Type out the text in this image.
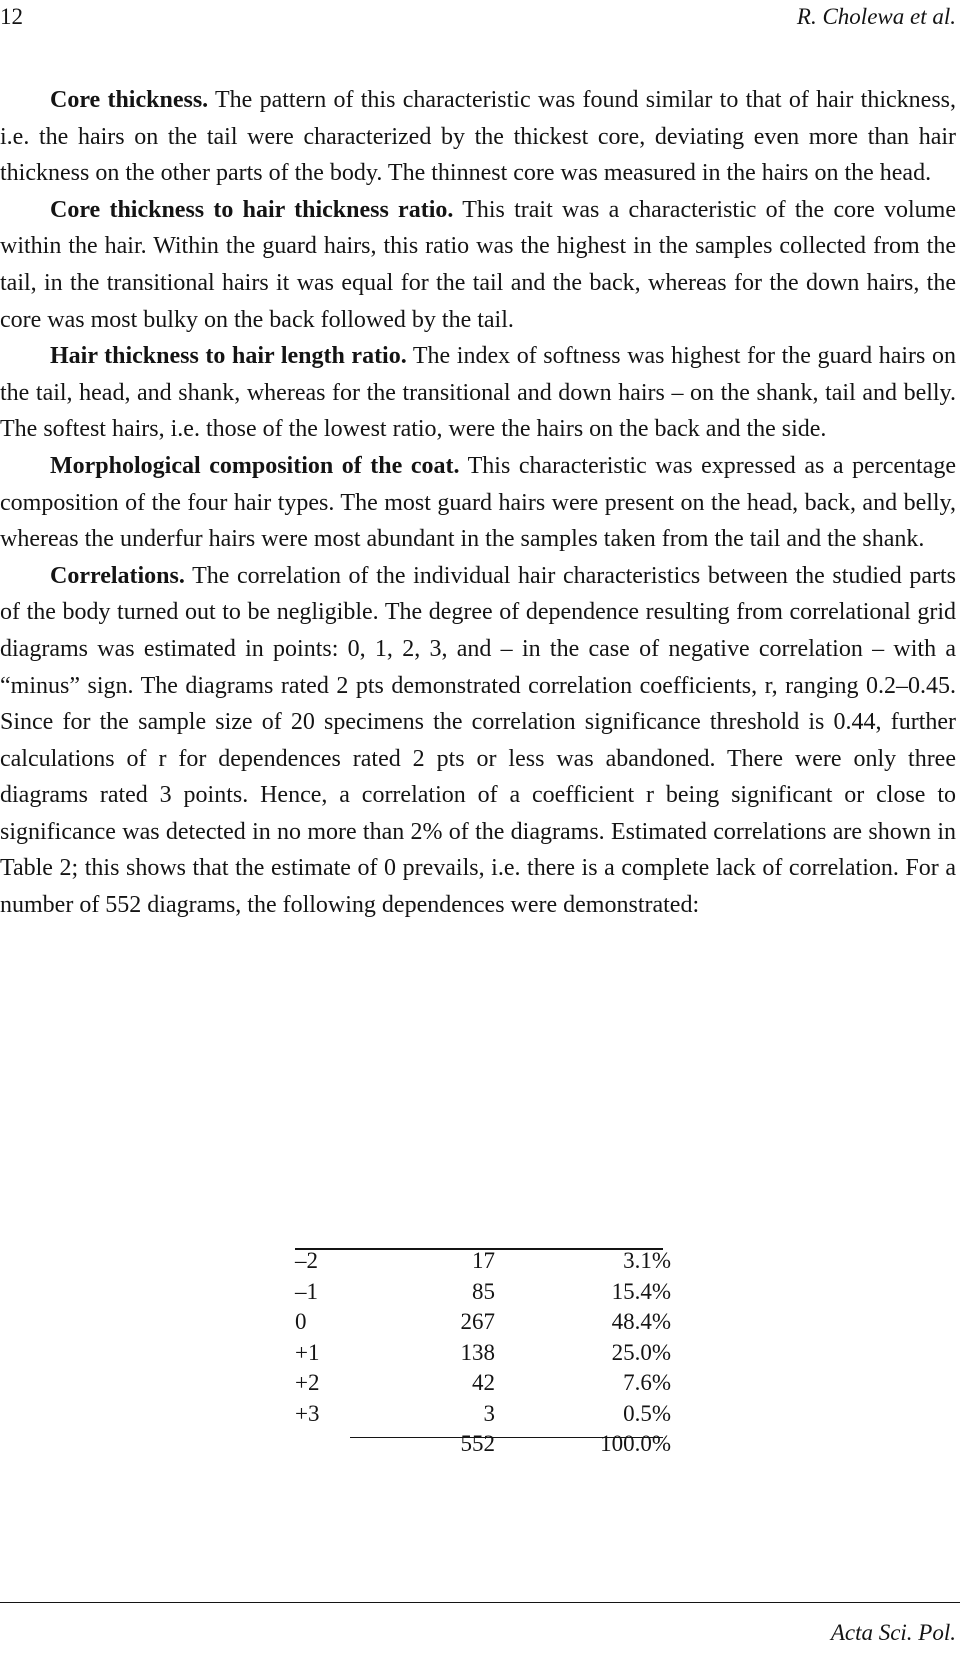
12	R. Cholewa et al.

Core thickness. The pattern of this characteristic was found similar to that of hair thickness, i.e. the hairs on the tail were characterized by the thickest core, deviating even more than hair thickness on the other parts of the body. The thinnest core was measured in the hairs on the head.

Core thickness to hair thickness ratio. This trait was a characteristic of the core volume within the hair. Within the guard hairs, this ratio was the highest in the samples collected from the tail, in the transitional hairs it was equal for the tail and the back, whereas for the down hairs, the core was most bulky on the back followed by the tail.

Hair thickness to hair length ratio. The index of softness was highest for the guard hairs on the tail, head, and shank, whereas for the transitional and down hairs – on the shank, tail and belly. The softest hairs, i.e. those of the lowest ratio, were the hairs on the back and the side.

Morphological composition of the coat. This characteristic was expressed as a percentage composition of the four hair types. The most guard hairs were present on the head, back, and belly, whereas the underfur hairs were most abundant in the samples taken from the tail and the shank.

Correlations. The correlation of the individual hair characteristics between the studied parts of the body turned out to be negligible. The degree of dependence resulting from correlational grid diagrams was estimated in points: 0, 1, 2, 3, and – in the case of negative correlation – with a “minus” sign. The diagrams rated 2 pts demonstrated correlation coefficients, r, ranging 0.2–0.45. Since for the sample size of 20 specimens the correlation significance threshold is 0.44, further calculations of r for dependences rated 2 pts or less was abandoned. There were only three diagrams rated 3 points. Hence, a correlation of a coefficient r being significant or close to significance was detected in no more than 2% of the diagrams. Estimated correlations are shown in Table 2; this shows that the estimate of 0 prevails, i.e. there is a complete lack of correlation. For a number of 552 diagrams, the following dependences were demonstrated:

–2	17	3.1%
–1	85	15.4%
0	267	48.4%
+1	138	25.0%
+2	42	7.6%
+3	3	0.5%
	552	100.0%
Acta Sci. Pol.
